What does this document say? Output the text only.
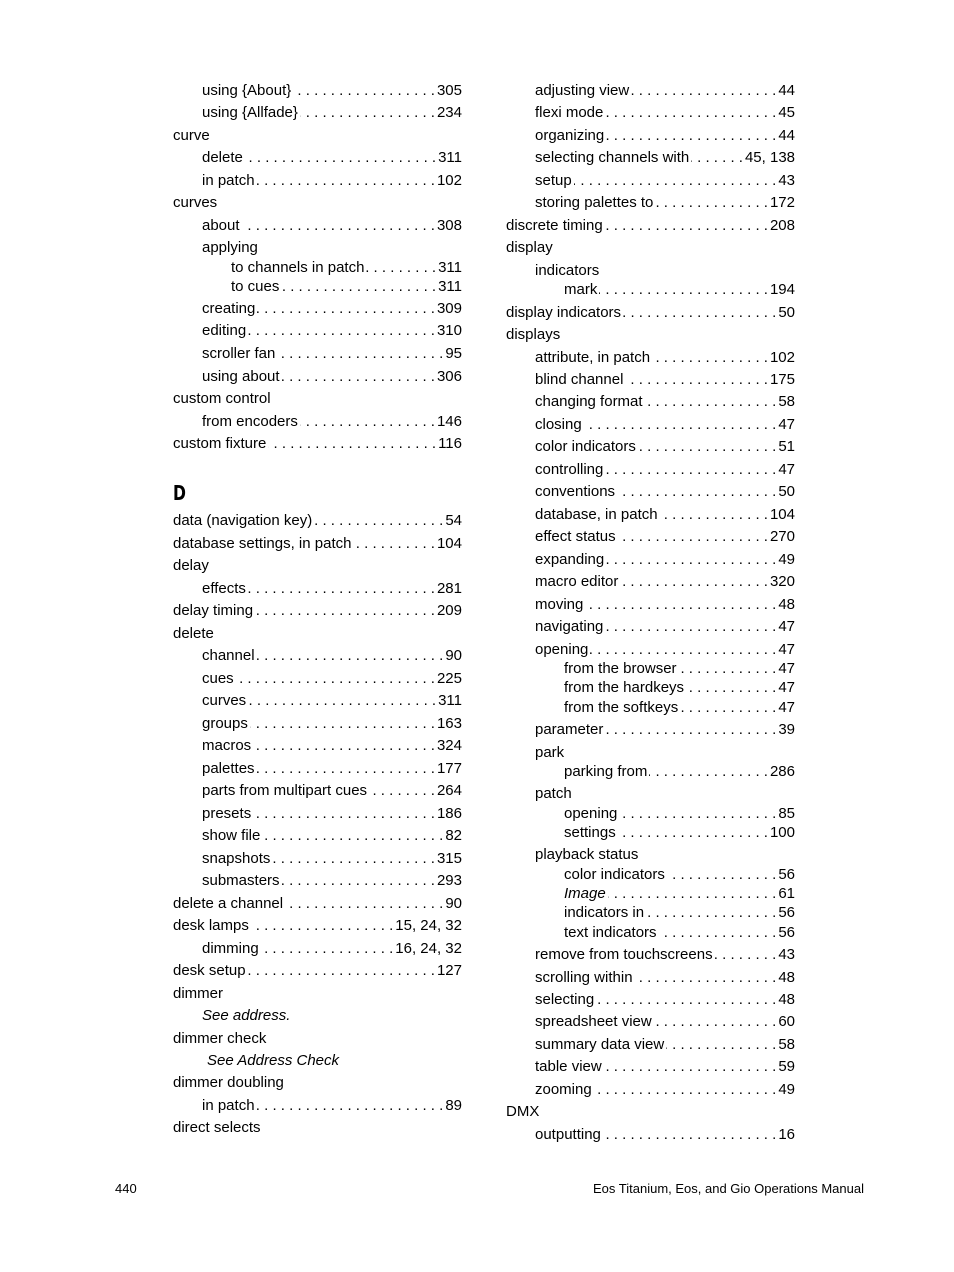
using {About} . . .	305
using {Allfade} . . .	234
curve
delete . . .	311
in patch . . .	102
curves
about . . .	308
applying
to channels in patch . . .	311
to cues . . .	311
creating . . .	309
editing . . .	310
scroller fan . . .	95
using about . . .	306
custom control
from encoders . . .	146
custom fixture . . .	116
data (navigation key) . . .	54
database settings, in patch . . .	104
delay
effects . . .	281
delay timing . . .	209
delete
channel . . .	90
cues . . .	225
curves . . .	311
groups . . .	163
macros . . .	324
palettes . . .	177
parts from multipart cues . . .	264
presets . . .	186
show file . . .	82
snapshots . . .	315
submasters . . .	293
delete a channel . . .	90
desk lamps . . .	15, 24, 32
dimming . . .	16, 24, 32
desk setup . . .	127
dimmer
See address.
dimmer check
See Address Check
dimmer doubling
in patch . . .	89
direct selects
D
adjusting view . . .	44
flexi mode . . .	45
organizing . . .	44
selecting channels with . . .	45, 138
setup . . .	43
storing palettes to . . .	172
discrete timing . . .	208
display
indicators
mark . . .	194
display indicators . . .	50
displays
attribute, in patch . . .	102
blind channel . . .	175
changing format . . .	58
closing . . .	47
color indicators . . .	51
controlling . . .	47
conventions . . .	50
database, in patch . . .	104
effect status . . .	270
expanding . . .	49
macro editor . . .	320
moving . . .	48
navigating . . .	47
opening . . .	47
from the browser . . .	47
from the hardkeys . . .	47
from the softkeys . . .	47
parameter . . .	39
park
parking from . . .	286
patch
opening . . .	85
settings . . .	100
playback status
color indicators . . .	56
Image . . .	61
indicators in . . .	56
text indicators . . .	56
remove from touchscreens . . .	43
scrolling within . . .	48
selecting . . .	48
spreadsheet view . . .	60
summary data view . . .	58
table view . . .	59
zooming . . .	49
DMX
outputting . . .	16
440	Eos Titanium, Eos, and Gio Operations Manual
